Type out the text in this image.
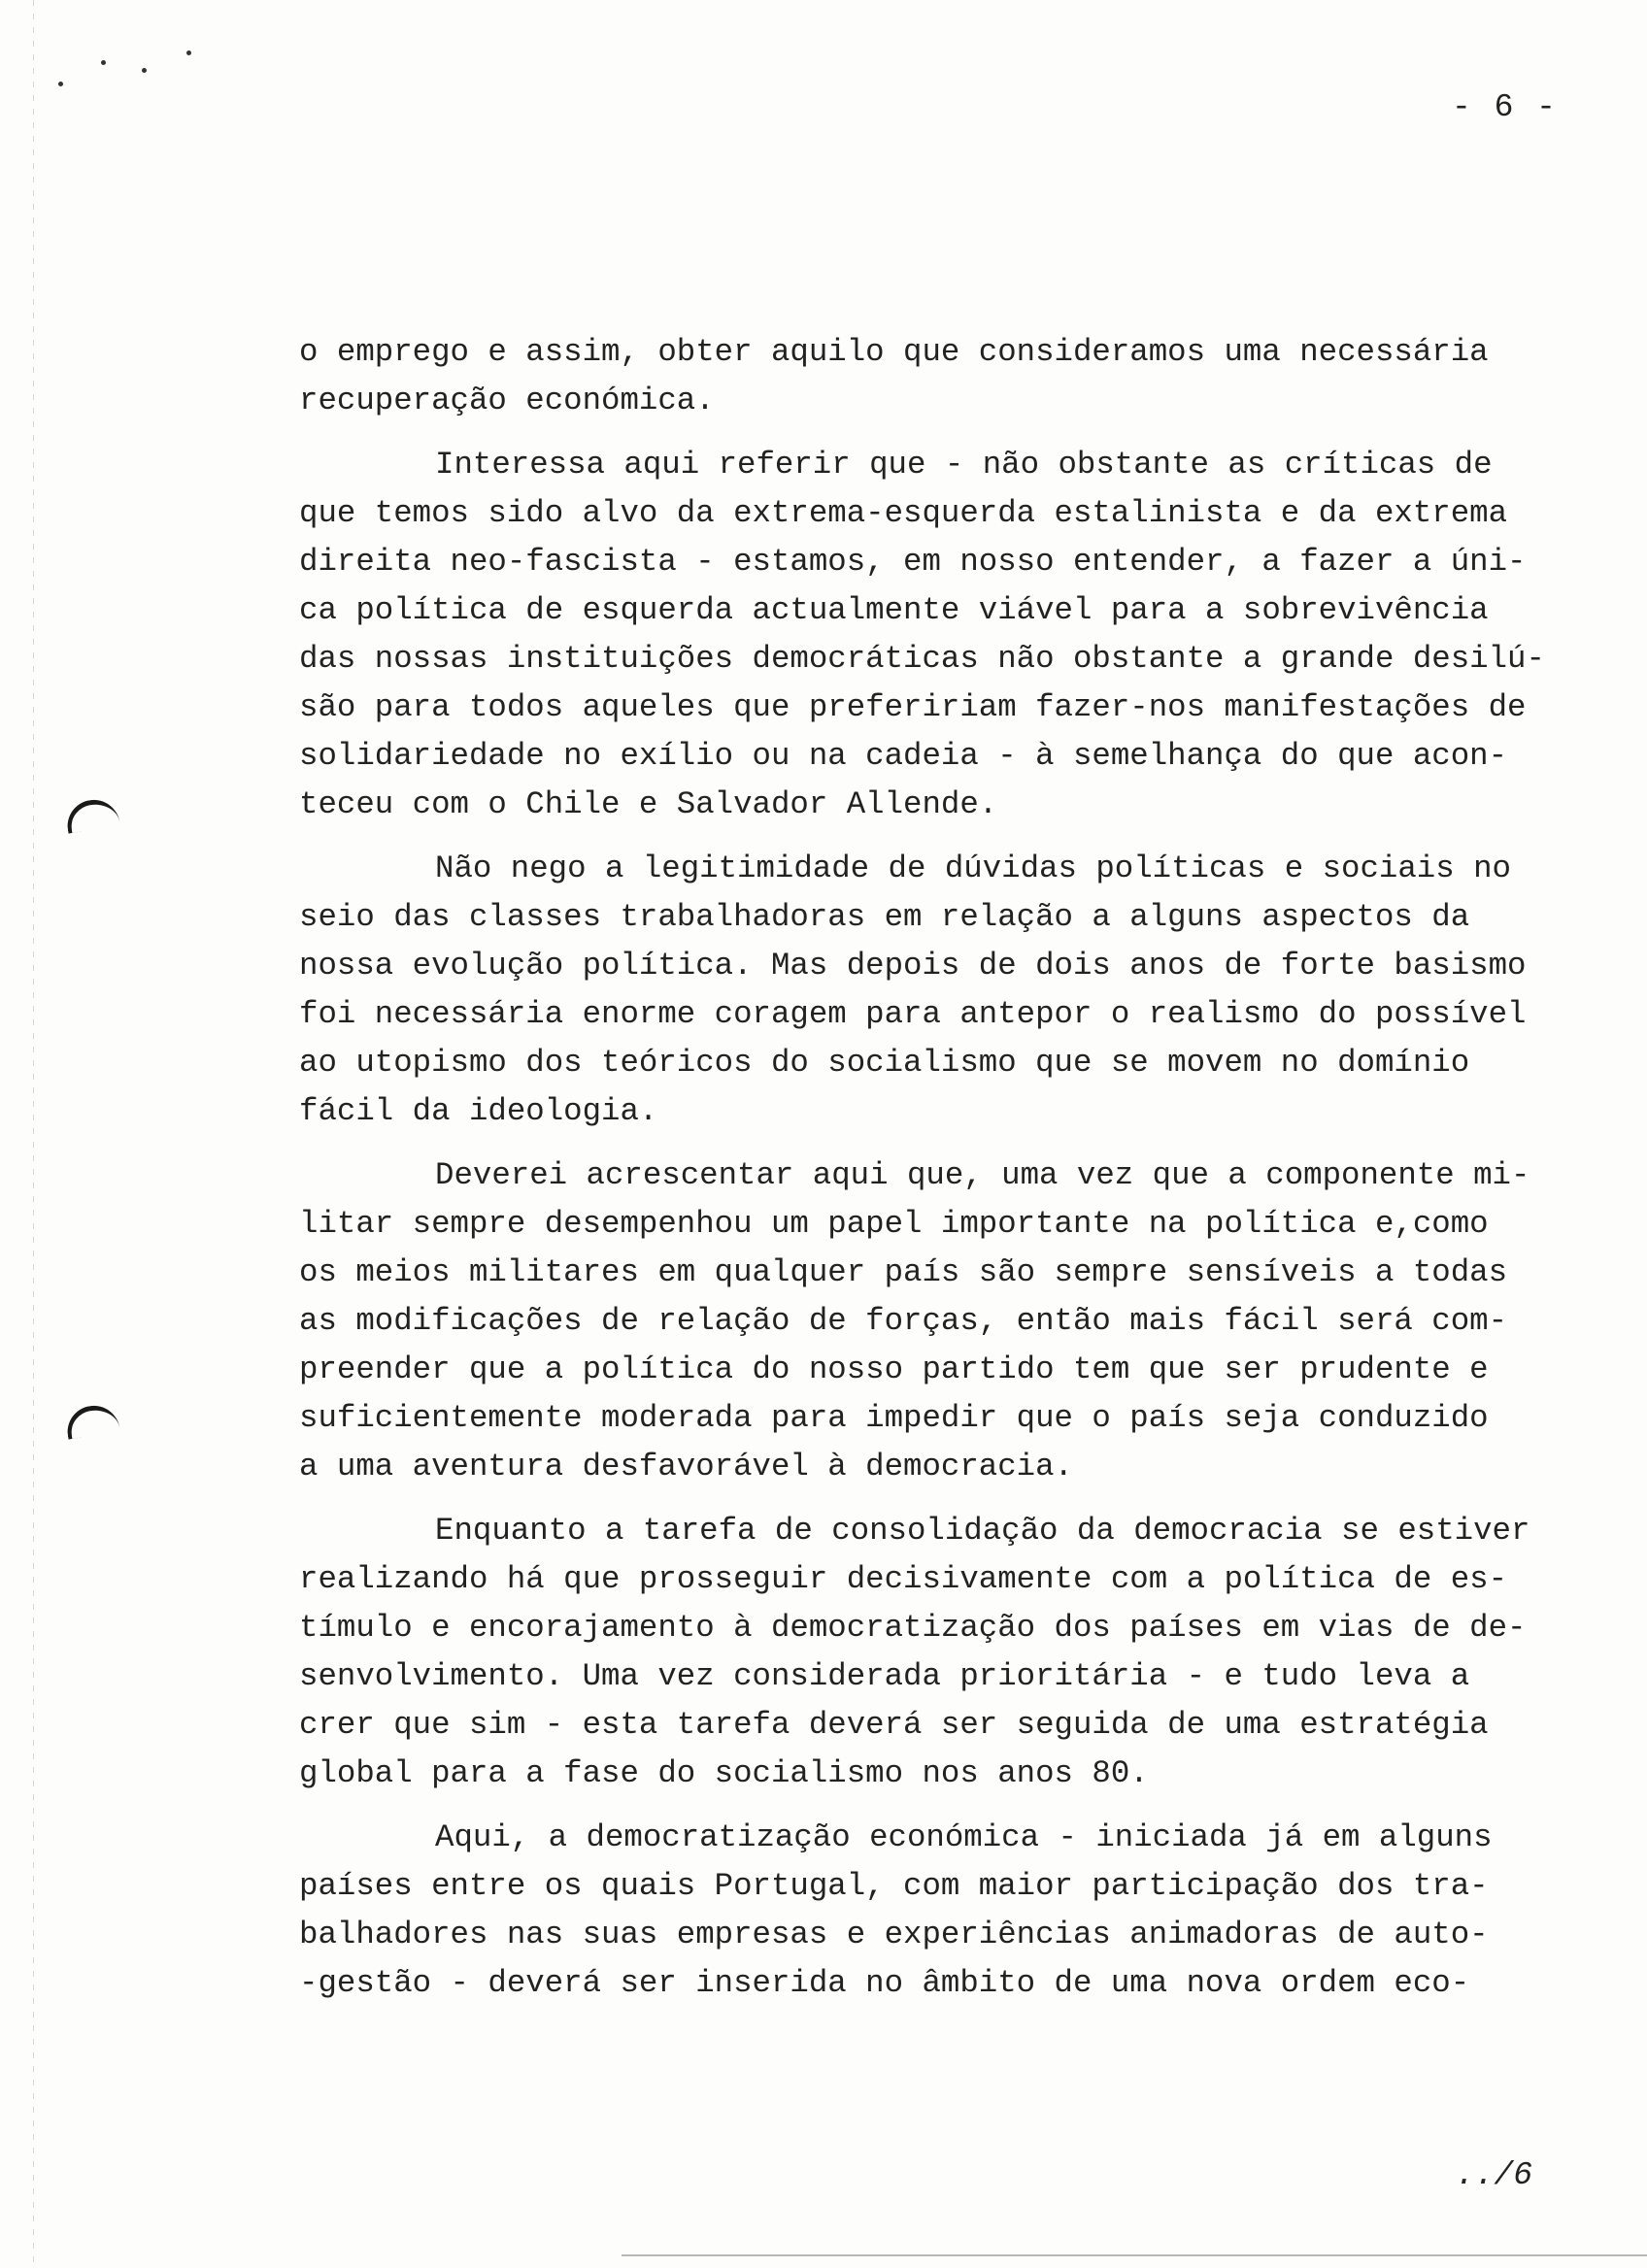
- 6 -
o emprego e assim, obter aquilo que consideramos uma necessária
recuperação económica.
Interessa aqui referir que - não obstante as críticas de
que temos sido alvo da extrema-esquerda estalinista e da extrema
direita neo-fascista - estamos, em nosso entender, a fazer a úni-
ca política de esquerda actualmente viável para a sobrevivência
das nossas instituições democráticas não obstante a grande desilú-
são para todos aqueles que prefeririam fazer-nos manifestações de
solidariedade no exílio ou na cadeia - à semelhança do que acon-
teceu com o Chile e Salvador Allende.
Não nego a legitimidade de dúvidas políticas e sociais no
seio das classes trabalhadoras em relação a alguns aspectos da
nossa evolução política. Mas depois de dois anos de forte basismo
foi necessária enorme coragem para antepor o realismo do possível
ao utopismo dos teóricos do socialismo que se movem no domínio
fácil da ideologia.
Deverei acrescentar aqui que, uma vez que a componente mi-
litar sempre desempenhou um papel importante na política e,como
os meios militares em qualquer país são sempre sensíveis a todas
as modificações de relação de forças, então mais fácil será com-
preender que a política do nosso partido tem que ser prudente e
suficientemente moderada para impedir que o país seja conduzido
a uma aventura desfavorável à democracia.
Enquanto a tarefa de consolidação da democracia se estiver
realizando há que prosseguir decisivamente com a política de es-
tímulo e encorajamento à democratização dos países em vias de de-
senvolvimento. Uma vez considerada prioritária - e tudo leva a
crer que sim - esta tarefa deverá ser seguida de uma estratégia
global para a fase do socialismo nos anos 80.
Aqui, a democratização económica - iniciada já em alguns
países entre os quais Portugal, com maior participação dos tra-
balhadores nas suas empresas e experiências animadoras de auto-
-gestão - deverá ser inserida no âmbito de uma nova ordem eco-
../6
